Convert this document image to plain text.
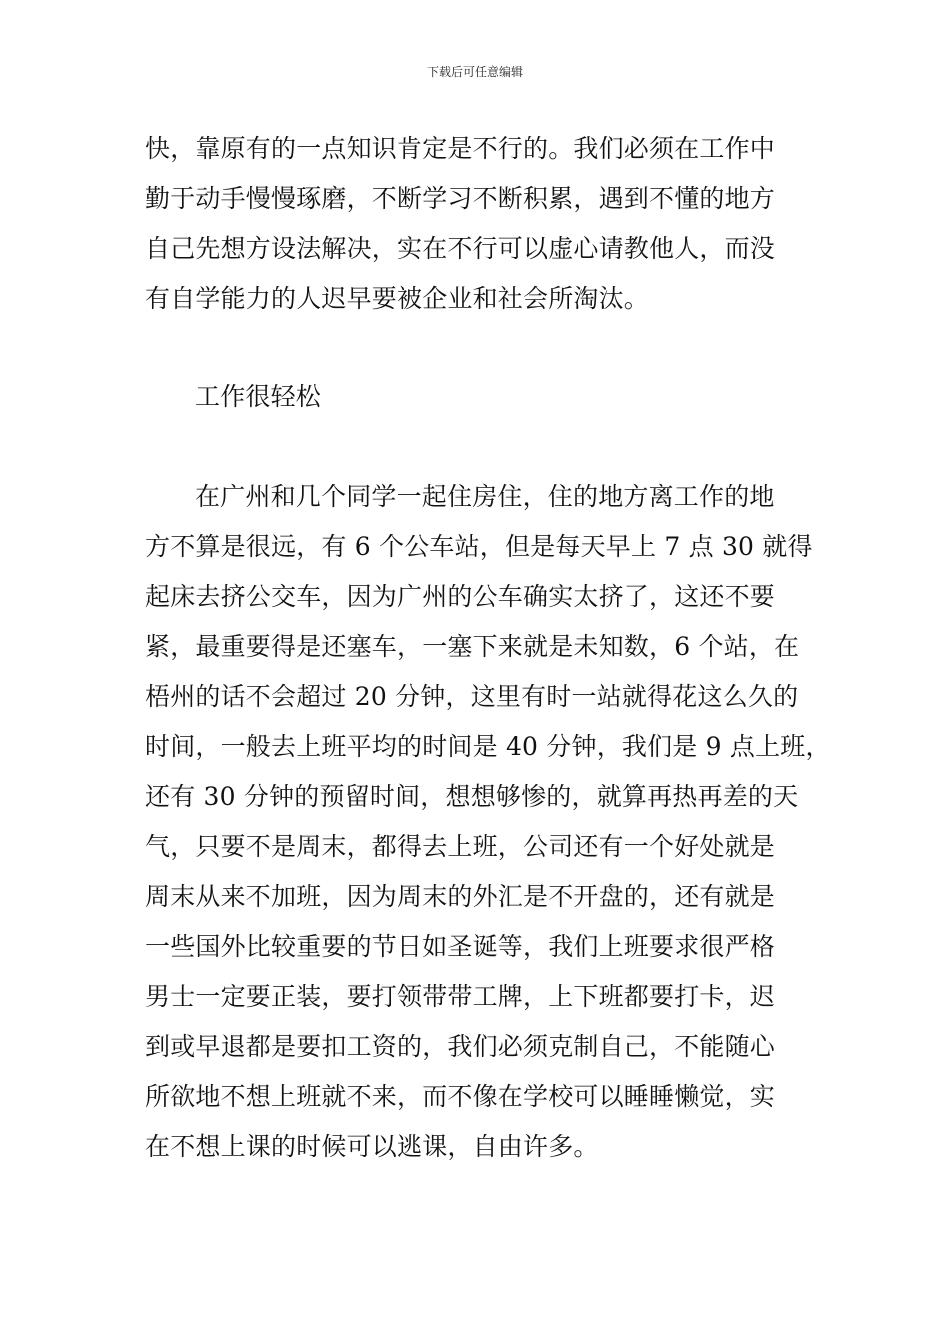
下载后可任意编辑
快，靠原有的一点知识肯定是不行的。我们必须在工作中
勤于动手慢慢琢磨，不断学习不断积累，遇到不懂的地方
自己先想方设法解决，实在不行可以虚心请教他人，而没
有自学能力的人迟早要被企业和社会所淘汰。
工作很轻松
在广州和几个同学一起住房住，住的地方离工作的地
方不算是很远，有 6 个公车站，但是每天早上 7 点 30 就得
起床去挤公交车，因为广州的公车确实太挤了，这还不要
紧，最重要得是还塞车，一塞下来就是未知数，6 个站，在
梧州的话不会超过 20 分钟，这里有时一站就得花这么久的
时间，一般去上班平均的时间是 40 分钟，我们是 9 点上班，
还有 30 分钟的预留时间，想想够惨的，就算再热再差的天
气，只要不是周末，都得去上班，公司还有一个好处就是
周末从来不加班，因为周末的外汇是不开盘的，还有就是
一些国外比较重要的节日如圣诞等，我们上班要求很严格
男士一定要正装，要打领带带工牌，上下班都要打卡，迟
到或早退都是要扣工资的，我们必须克制自己，不能随心
所欲地不想上班就不来，而不像在学校可以睡睡懒觉，实
在不想上课的时候可以逃课，自由许多。
